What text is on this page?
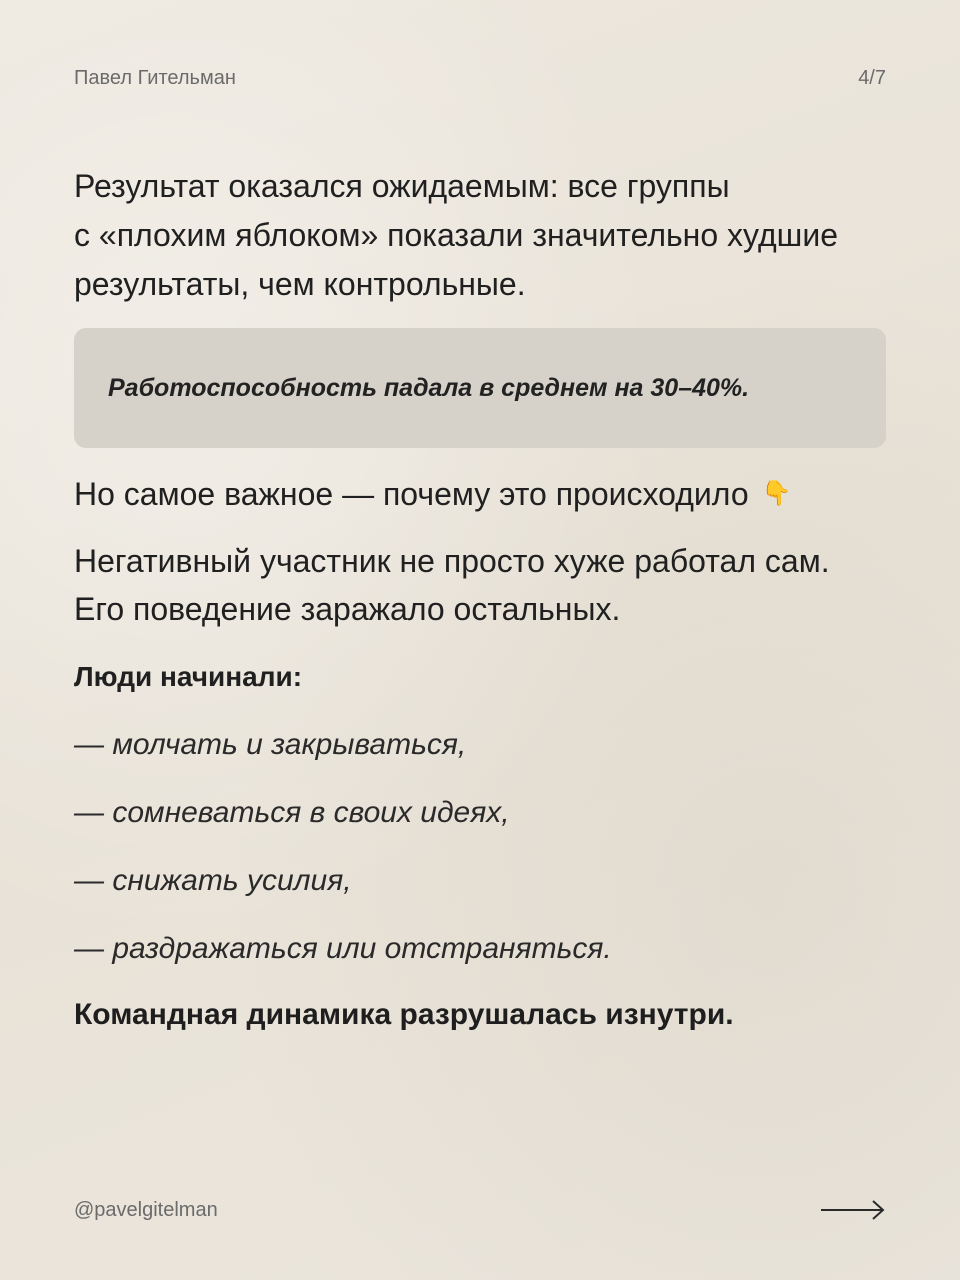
Павел Гительман	4/7

Результат оказался ожидаемым: все группы
с «плохим яблоком» показали значительно худшие
результаты, чем контрольные.

Работоспособность падала в среднем на 30–40%.

Но самое важное — почему это происходило 👇

Негативный участник не просто хуже работал сам.
Его поведение заражало остальных.

Люди начинали:
— молчать и закрываться,
— сомневаться в своих идеях,
— снижать усилия,
— раздражаться или отстраняться.
Командная динамика разрушалась изнутри.
@pavelgitelman
